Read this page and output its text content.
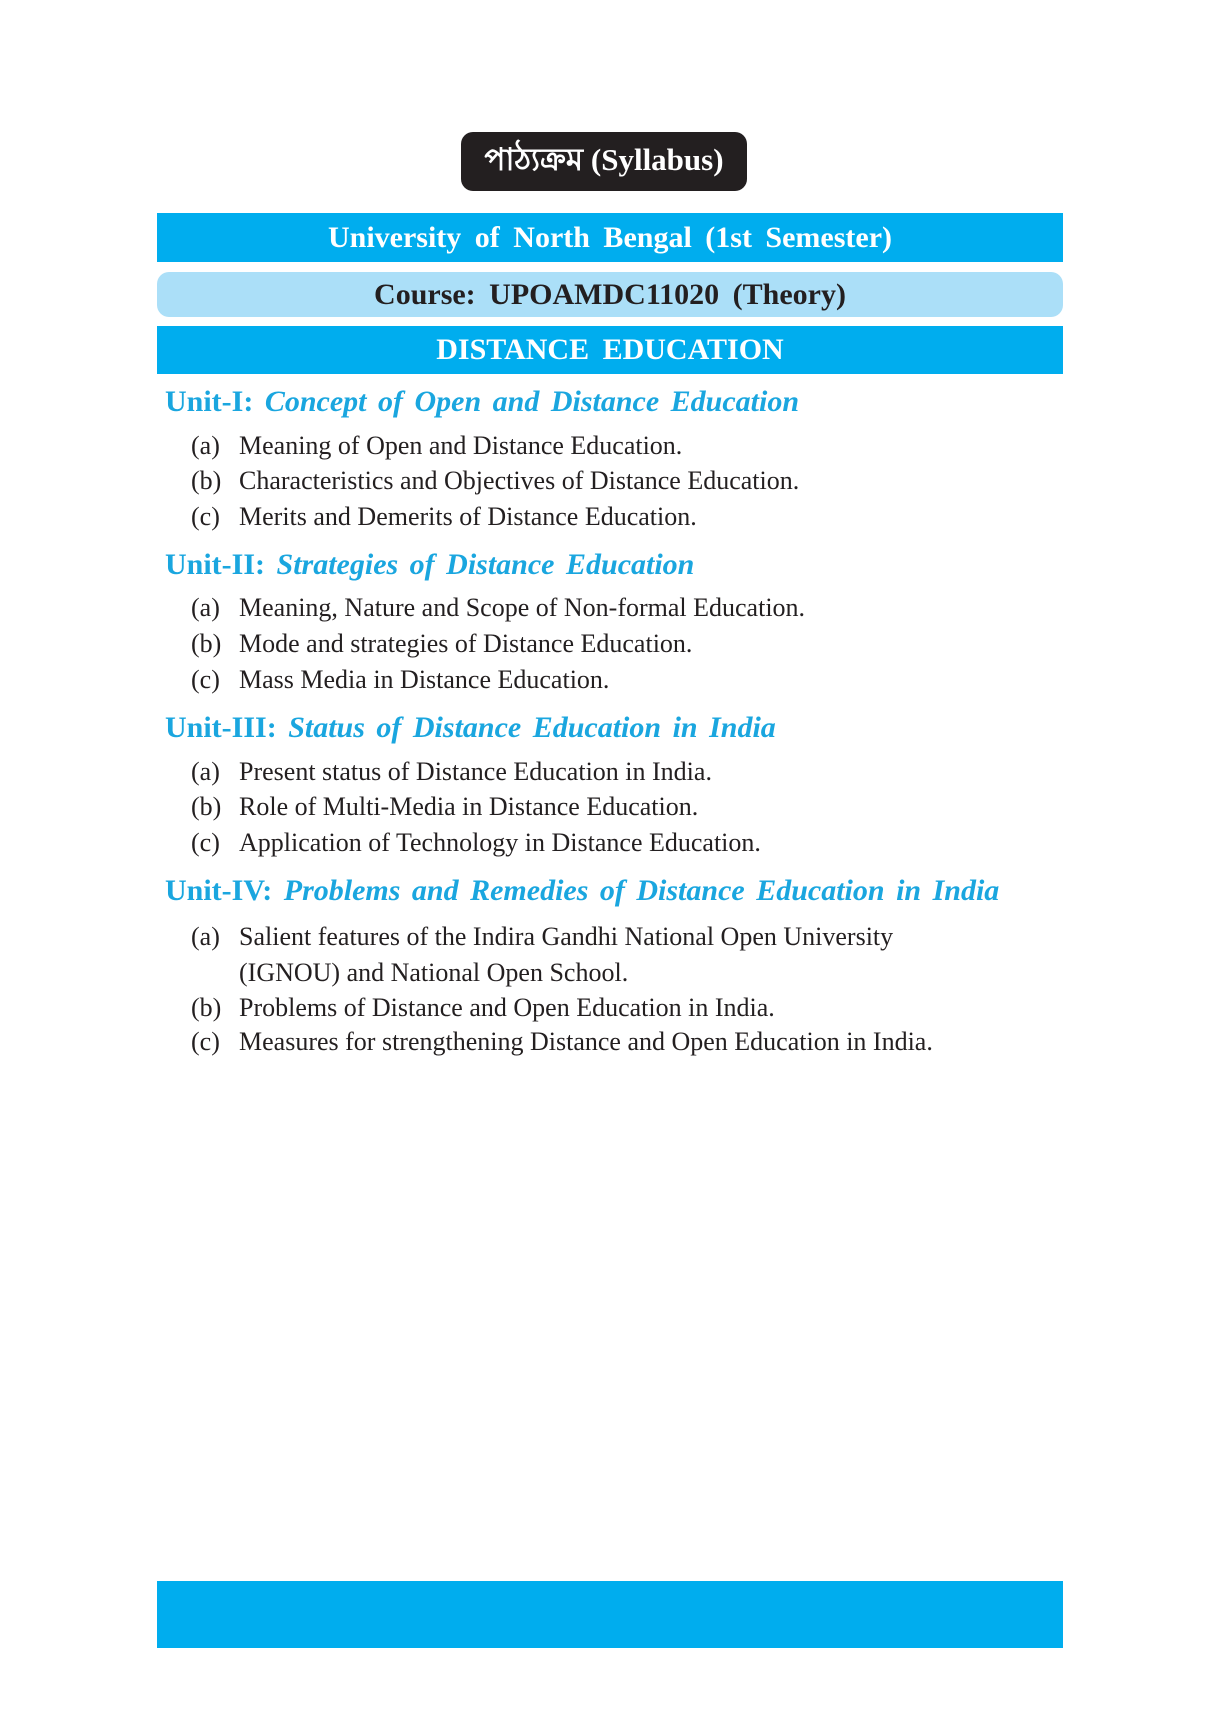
পাঠ্যক্রম (Syllabus)
University of North Bengal (1st Semester)
Course: UPOAMDC11020 (Theory)
DISTANCE EDUCATION
Unit-I: Concept of Open and Distance Education
(a) Meaning of Open and Distance Education.
(b) Characteristics and Objectives of Distance Education.
(c) Merits and Demerits of Distance Education.
Unit-II: Strategies of Distance Education
(a) Meaning, Nature and Scope of Non-formal Education.
(b) Mode and strategies of Distance Education.
(c) Mass Media in Distance Education.
Unit-III: Status of Distance Education in India
(a) Present status of Distance Education in India.
(b) Role of Multi-Media in Distance Education.
(c) Application of Technology in Distance Education.
Unit-IV: Problems and Remedies of Distance Education in India
(a) Salient features of the Indira Gandhi National Open University
(IGNOU) and National Open School.
(b) Problems of Distance and Open Education in India.
(c) Measures for strengthening Distance and Open Education in India.
